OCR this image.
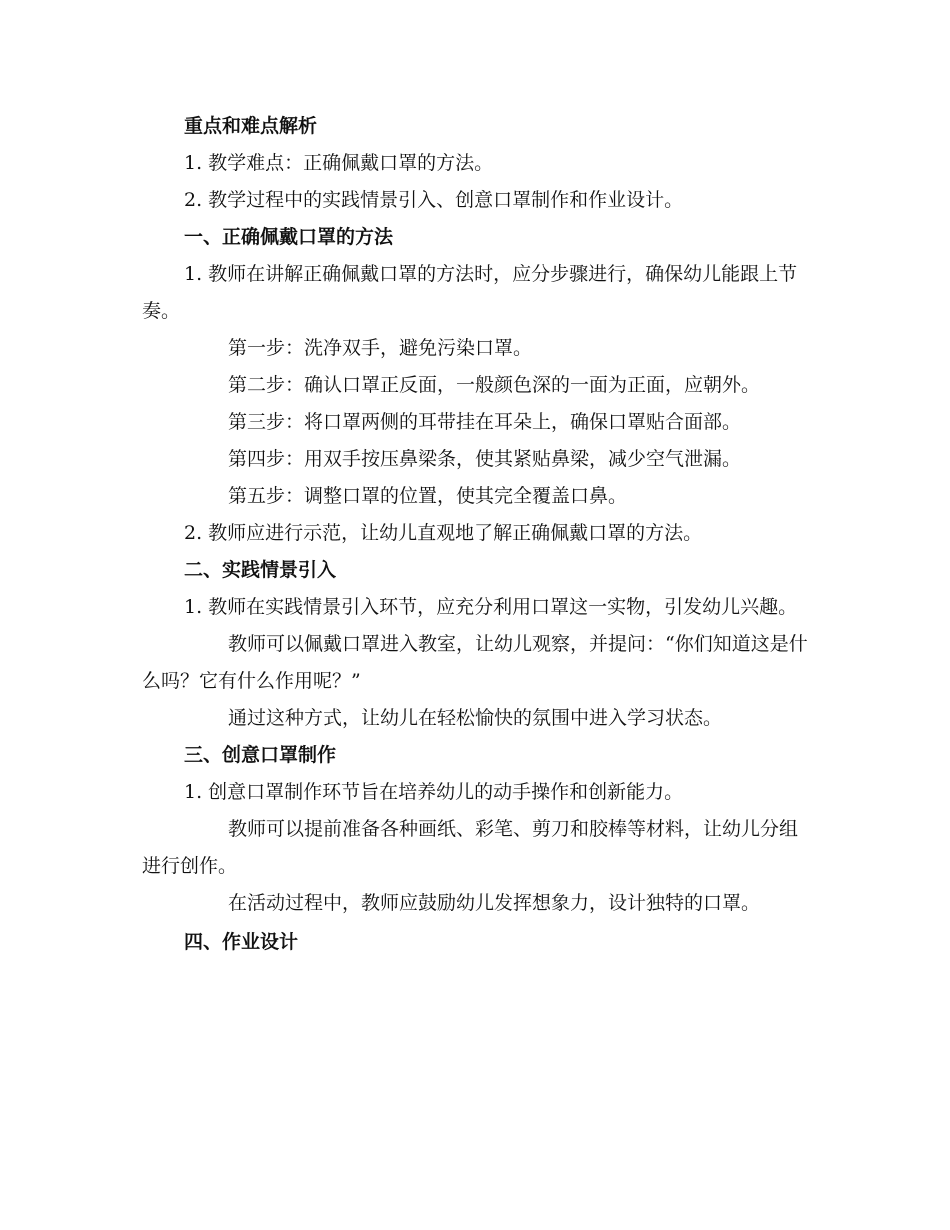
重点和难点解析

1. 教学难点：正确佩戴口罩的方法。

2. 教学过程中的实践情景引入、创意口罩制作和作业设计。

一、正确佩戴口罩的方法

1. 教师在讲解正确佩戴口罩的方法时，应分步骤进行，确保幼儿能跟上节奏。

第一步：洗净双手，避免污染口罩。

第二步：确认口罩正反面，一般颜色深的一面为正面，应朝外。

第三步：将口罩两侧的耳带挂在耳朵上，确保口罩贴合面部。

第四步：用双手按压鼻梁条，使其紧贴鼻梁，减少空气泄漏。

第五步：调整口罩的位置，使其完全覆盖口鼻。

2. 教师应进行示范，让幼儿直观地了解正确佩戴口罩的方法。

二、实践情景引入

1. 教师在实践情景引入环节，应充分利用口罩这一实物，引发幼儿兴趣。

教师可以佩戴口罩进入教室，让幼儿观察，并提问：“你们知道这是什么吗？它有什么作用呢？”

通过这种方式，让幼儿在轻松愉快的氛围中进入学习状态。

三、创意口罩制作

1. 创意口罩制作环节旨在培养幼儿的动手操作和创新能力。

教师可以提前准备各种画纸、彩笔、剪刀和胶棒等材料，让幼儿分组进行创作。

在活动过程中，教师应鼓励幼儿发挥想象力，设计独特的口罩。

四、作业设计
